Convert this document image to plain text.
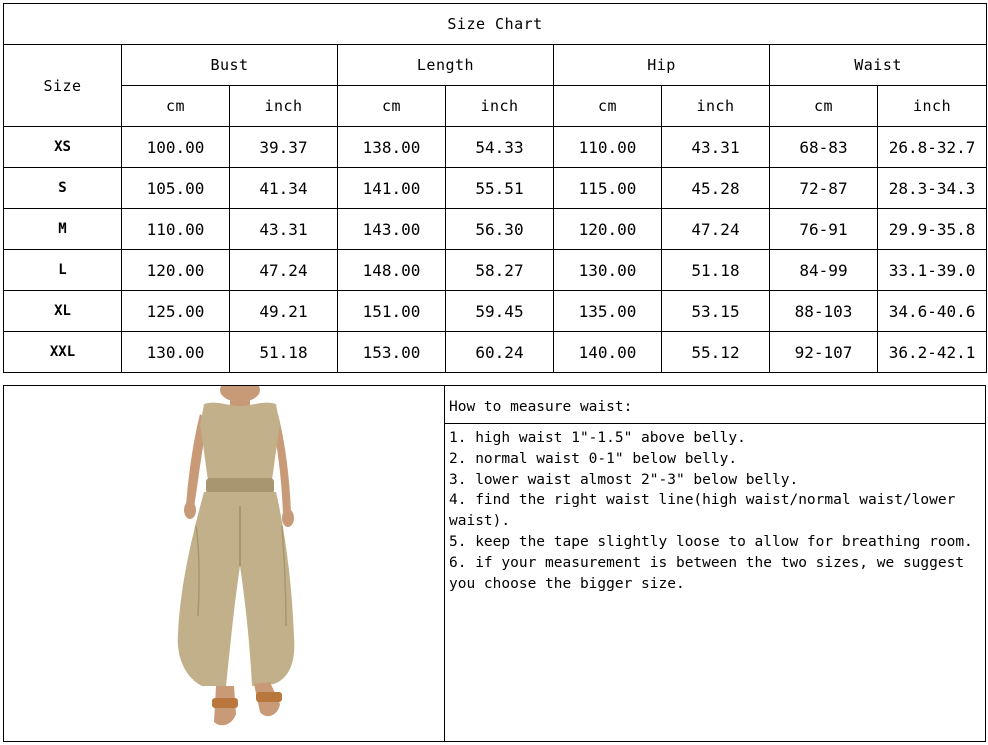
Size Chart								
Size	Bust		Length		Hip		Waist	
	cm	inch	cm	inch	cm	inch	cm	inch
XS	100.00	39.37	138.00	54.33	110.00	43.31	68-83	26.8-32.7
S	105.00	41.34	141.00	55.51	115.00	45.28	72-87	28.3-34.3
M	110.00	43.31	143.00	56.30	120.00	47.24	76-91	29.9-35.8
L	120.00	47.24	148.00	58.27	130.00	51.18	84-99	33.1-39.0
XL	125.00	49.21	151.00	59.45	135.00	53.15	88-103	34.6-40.6
XXL	130.00	51.18	153.00	60.24	140.00	55.12	92-107	36.2-42.1
How to measure waist:
1. high waist 1"-1.5" above belly.
2. normal waist 0-1" below belly.
3. lower waist almost 2"-3" below belly.
4. find the right waist line(high waist/normal waist/lower waist).
5. keep the tape slightly loose to allow for breathing room.
6. if your measurement is between the two sizes, we suggest you choose the bigger size.
